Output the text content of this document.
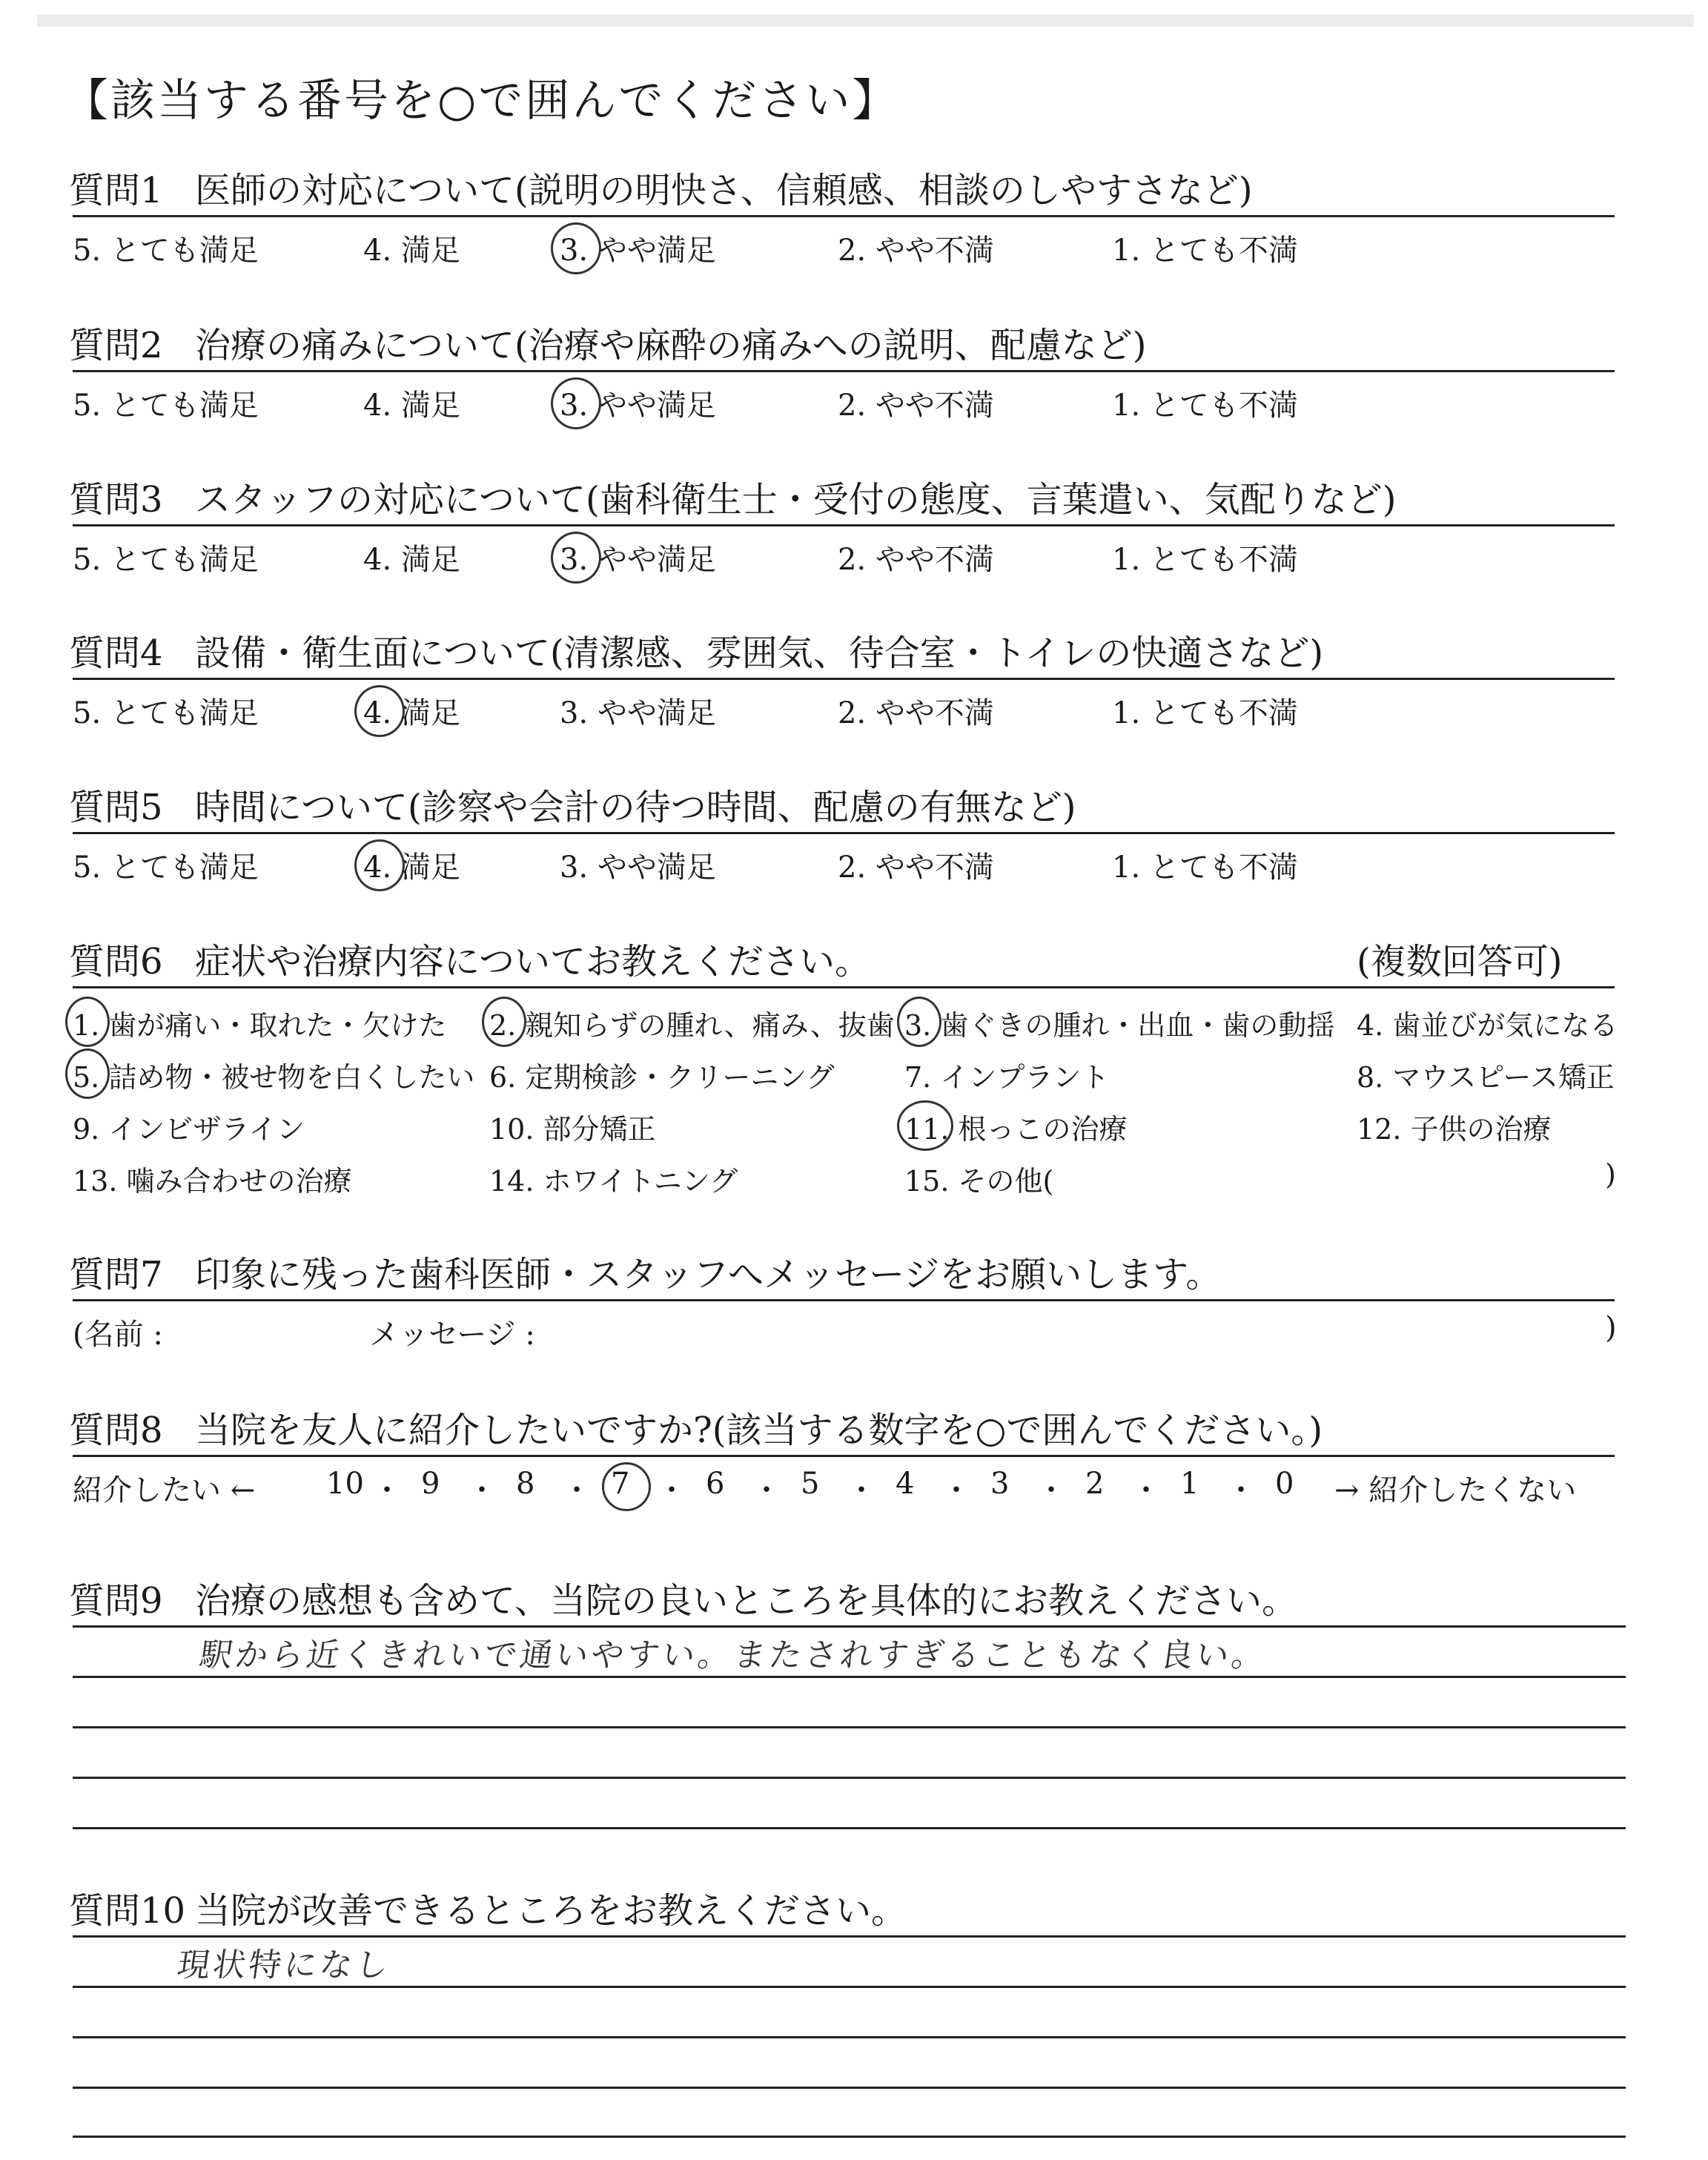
【該当する番号を○で囲んでください】
質問1 医師の対応について(説明の明快さ、信頼感、相談のしやすさなど)
5. とても満足	4. 満足	3. やや満足	2. やや不満	1. とても不満
質問2 治療の痛みについて(治療や麻酔の痛みへの説明、配慮など)
5. とても満足	4. 満足	3. やや満足	2. やや不満	1. とても不満
質問3 スタッフの対応について(歯科衛生士・受付の態度、言葉遣い、気配りなど)
5. とても満足	4. 満足	3. やや満足	2. やや不満	1. とても不満
質問4 設備・衛生面について(清潔感、雰囲気、待合室・トイレの快適さなど)
5. とても満足	4. 満足	3. やや満足	2. やや不満	1. とても不満
質問5 時間について(診察や会計の待つ時間、配慮の有無など)
5. とても満足	4. 満足	3. やや満足	2. やや不満	1. とても不満
質問6 症状や治療内容についてお教えください。	(複数回答可)
1. 歯が痛い・取れた・欠けた 2. 親知らずの腫れ、痛み、抜歯 3. 歯ぐきの腫れ・出血・歯の動揺 4. 歯並びが気になる
5. 詰め物・被せ物を白くしたい 6. 定期検診・クリーニング 7. インプラント	8. マウスピース矯正
9. インビザライン	10. 部分矯正	11. 根っこの治療	12. 子供の治療
13. 噛み合わせの治療	14. ホワイトニング	15. その他(	)
質問7 印象に残った歯科医師・スタッフへメッセージをお願いします。
(名前 :	メッセージ :	)
質問8 当院を友人に紹介したいですか?(該当する数字を○で囲んでください。)
紹介したい ← 10 ・ 9 ・ 8 ・ 7 ・ 6 ・ 5 ・ 4 ・ 3 ・ 2 ・ 1 ・ 0 → 紹介したくない
質問9 治療の感想も含めて、当院の良いところを具体的にお教えください。
駅から近くきれいで通いやすい。またされすぎることもなく良い。
質問10 当院が改善できるところをお教えください。
現状特になし
